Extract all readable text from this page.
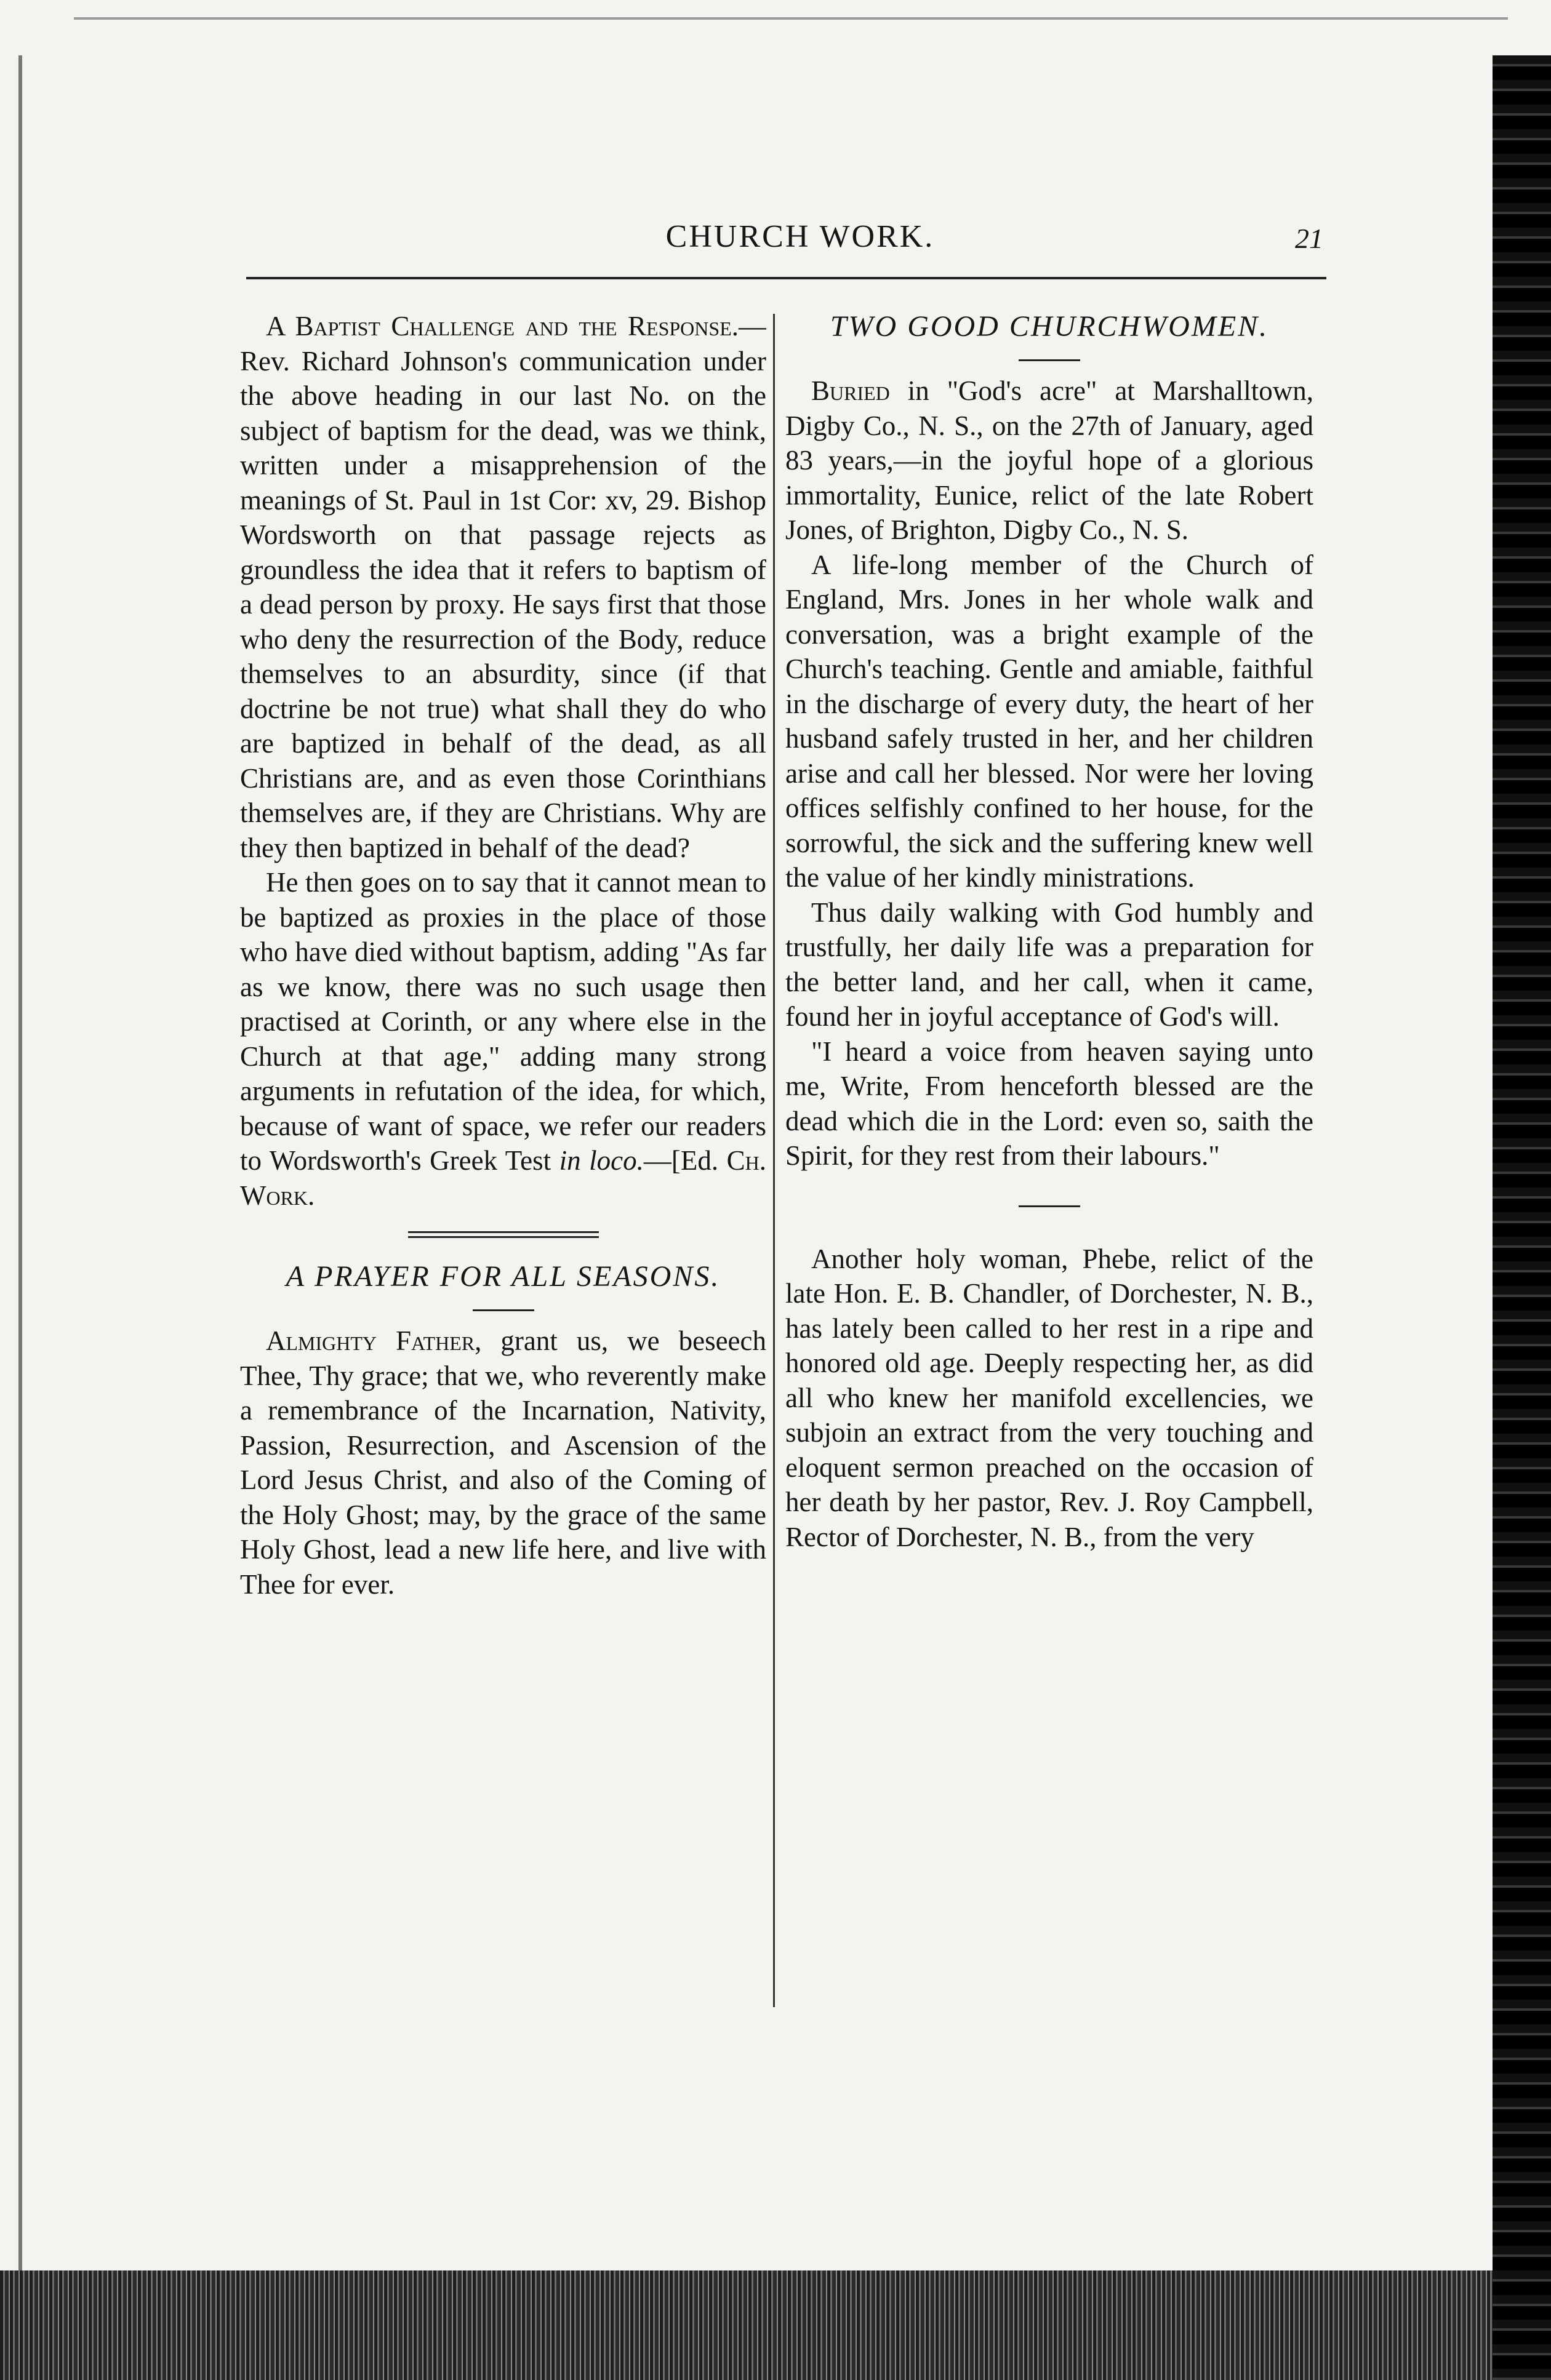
CHURCH WORK.	21

A Baptist Challenge and the Response.—Rev. Richard Johnson's communication under the above heading in our last No. on the subject of baptism for the dead, was we think, written under a misapprehension of the meanings of St. Paul in 1st Cor: xv, 29. Bishop Wordsworth on that passage rejects as groundless the idea that it refers to baptism of a dead person by proxy. He says first that those who deny the resurrection of the Body, reduce themselves to an absurdity, since (if that doctrine be not true) what shall they do who are baptized in behalf of the dead, as all Christians are, and as even those Corinthians themselves are, if they are Christians. Why are they then baptized in behalf of the dead?

He then goes on to say that it cannot mean to be baptized as proxies in the place of those who have died without baptism, adding "As far as we know, there was no such usage then practised at Corinth, or any where else in the Church at that age," adding many strong arguments in refutation of the idea, for which, because of want of space, we refer our readers to Wordsworth's Greek Test in loco.—[Ed. Ch. Work.

A PRAYER FOR ALL SEASONS.

Almighty Father, grant us, we beseech Thee, Thy grace; that we, who reverently make a remembrance of the Incarnation, Nativity, Passion, Resurrection, and Ascension of the Lord Jesus Christ, and also of the Coming of the Holy Ghost; may, by the grace of the same Holy Ghost, lead a new life here, and live with Thee for ever.

TWO GOOD CHURCHWOMEN.

Buried in "God's acre" at Marshalltown, Digby Co., N. S., on the 27th of January, aged 83 years,—in the joyful hope of a glorious immortality, Eunice, relict of the late Robert Jones, of Brighton, Digby Co., N. S.

A life-long member of the Church of England, Mrs. Jones in her whole walk and conversation, was a bright example of the Church's teaching. Gentle and amiable, faithful in the discharge of every duty, the heart of her husband safely trusted in her, and her children arise and call her blessed. Nor were her loving offices selfishly confined to her house, for the sorrowful, the sick and the suffering knew well the value of her kindly ministrations.

Thus daily walking with God humbly and trustfully, her daily life was a preparation for the better land, and her call, when it came, found her in joyful acceptance of God's will.

"I heard a voice from heaven saying unto me, Write, From henceforth blessed are the dead which die in the Lord: even so, saith the Spirit, for they rest from their labours."

Another holy woman, Phebe, relict of the late Hon. E. B. Chandler, of Dorchester, N. B., has lately been called to her rest in a ripe and honored old age. Deeply respecting her, as did all who knew her manifold excellencies, we subjoin an extract from the very touching and eloquent sermon preached on the occasion of her death by her pastor, Rev. J. Roy Campbell, Rector of Dorchester, N. B., from the very
